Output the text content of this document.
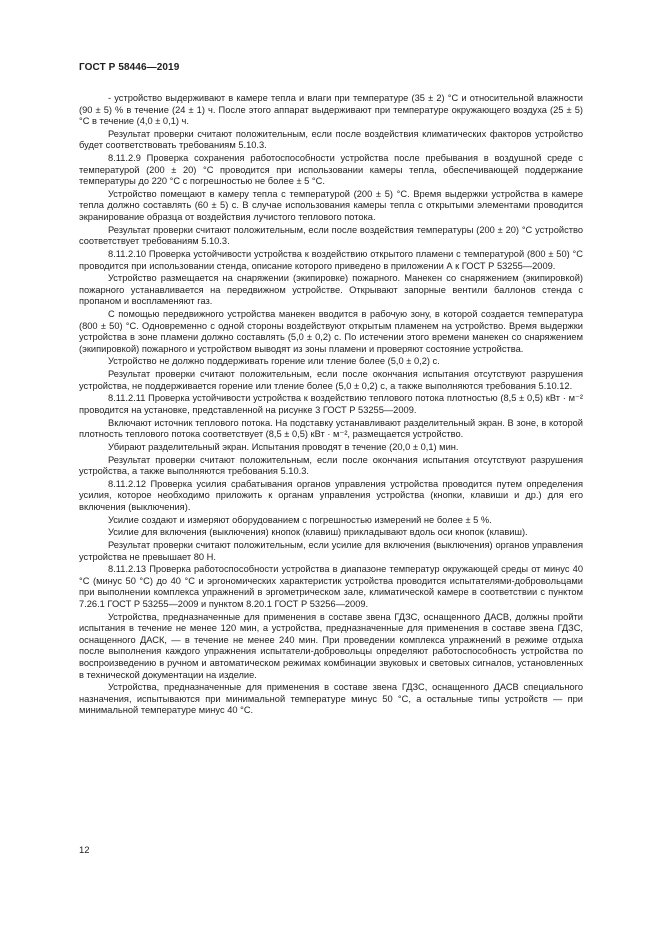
ГОСТ Р 58446—2019

- устройство выдерживают в камере тепла и влаги при температуре (35 ± 2) °C и относительной влажности (90 ± 5) % в течение (24 ± 1) ч. После этого аппарат выдерживают при температуре окружающего воздуха (25 ± 5) °C в течение (4,0 ± 0,1) ч.

Результат проверки считают положительным, если после воздействия климатических факторов устройство будет соответствовать требованиям 5.10.3.

8.11.2.9 Проверка сохранения работоспособности устройства после пребывания в воздушной среде с температурой (200 ± 20) °C проводится при использовании камеры тепла, обеспечивающей поддержание температуры до 220 °C с погрешностью не более ± 5 °C.

Устройство помещают в камеру тепла с температурой (200 ± 5) °C. Время выдержки устройства в камере тепла должно составлять (60 ± 5) с. В случае использования камеры тепла с открытыми элементами проводится экранирование образца от воздействия лучистого теплового потока.

Результат проверки считают положительным, если после воздействия температуры (200 ± 20) °C устройство соответствует требованиям 5.10.3.

8.11.2.10 Проверка устойчивости устройства к воздействию открытого пламени с температурой (800 ± 50) °C проводится при использовании стенда, описание которого приведено в приложении А к ГОСТ Р 53255—2009.

Устройство размещается на снаряжении (экипировке) пожарного. Манекен со снаряжением (экипировкой) пожарного устанавливается на передвижном устройстве. Открывают запорные вентили баллонов стенда с пропаном и воспламеняют газ.

С помощью передвижного устройства манекен вводится в рабочую зону, в которой создается температура (800 ± 50) °C. Одновременно с одной стороны воздействуют открытым пламенем на устройство. Время выдержки устройства в зоне пламени должно составлять (5,0 ± 0,2) с. По истечении этого времени манекен со снаряжением (экипировкой) пожарного и устройством выводят из зоны пламени и проверяют состояние устройства.

Устройство не должно поддерживать горение или тление более (5,0 ± 0,2) с.

Результат проверки считают положительным, если после окончания испытания отсутствуют разрушения устройства, не поддерживается горение или тление более (5,0 ± 0,2) с, а также выполняются требования 5.10.12.

8.11.2.11 Проверка устойчивости устройства к воздействию теплового потока плотностью (8,5 ± 0,5) кВт · м⁻² проводится на установке, представленной на рисунке 3 ГОСТ Р 53255—2009.

Включают источник теплового потока. На подставку устанавливают разделительный экран. В зоне, в которой плотность теплового потока соответствует (8,5 ± 0,5) кВт · м⁻², размещается устройство.

Убирают разделительный экран. Испытания проводят в течение (20,0 ± 0,1) мин.

Результат проверки считают положительным, если после окончания испытания отсутствуют разрушения устройства, а также выполняются требования 5.10.3.

8.11.2.12 Проверка усилия срабатывания органов управления устройства проводится путем определения усилия, которое необходимо приложить к органам управления устройства (кнопки, клавиши и др.) для его включения (выключения).

Усилие создают и измеряют оборудованием с погрешностью измерений не более ± 5 %.

Усилие для включения (выключения) кнопок (клавиш) прикладывают вдоль оси кнопок (клавиш).

Результат проверки считают положительным, если усилие для включения (выключения) органов управления устройства не превышает 80 Н.

8.11.2.13 Проверка работоспособности устройства в диапазоне температур окружающей среды от минус 40 °C (минус 50 °C) до 40 °C и эргономических характеристик устройства проводится испытателями-добровольцами при выполнении комплекса упражнений в эргометрическом зале, климатической камере в соответствии с пунктом 7.26.1 ГОСТ Р 53255—2009 и пунктом 8.20.1 ГОСТ Р 53256—2009.

Устройства, предназначенные для применения в составе звена ГДЗС, оснащенного ДАСВ, должны пройти испытания в течение не менее 120 мин, а устройства, предназначенные для применения в составе звена ГДЗС, оснащенного ДАСК, — в течение не менее 240 мин. При проведении комплекса упражнений в режиме отдыха после выполнения каждого упражнения испытатели-добровольцы определяют работоспособность устройства по воспроизведению в ручном и автоматическом режимах комбинации звуковых и световых сигналов, установленных в технической документации на изделие.

Устройства, предназначенные для применения в составе звена ГДЗС, оснащенного ДАСВ специального назначения, испытываются при минимальной температуре минус 50 °C, а остальные типы устройств — при минимальной температуре минус 40 °C.

12
